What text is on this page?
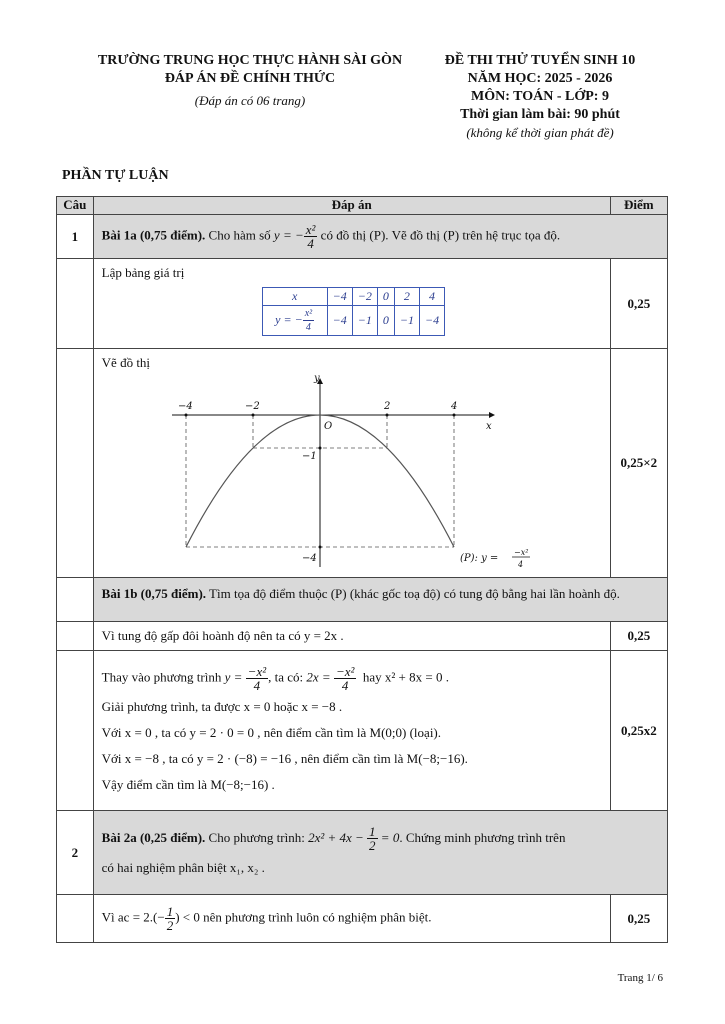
TRƯỜNG TRUNG HỌC THỰC HÀNH SÀI GÒN
ĐÁP ÁN ĐỀ CHÍNH THỨC
(Đáp án có 06 trang)
ĐỀ THI THỬ TUYỂN SINH 10
NĂM HỌC: 2025 - 2026
MÔN: TOÁN - LỚP: 9
Thời gian làm bài: 90 phút
(không kể thời gian phát đề)
PHẦN TỰ LUẬN
Câu	Đáp án	Điểm
1	Bài 1a (0,75 điểm). Cho hàm số y = − $\frac{\text{x²}}{4}$ có đồ thị (P). Vẽ đồ thị (P) trên hệ trục tọa độ.

Lập bảng giá trị
x	−4	−2	0	2	4
y = − $\frac{\text{x²}}{4}$	−4	−1	0	−1	−4
	0,25

Vẽ đồ thị
y
x
O
−4	−2	2	4
−1
−4	(P): y =
−x²
4
	0,25×2
	Bài 1b (0,75 điểm). Tìm tọa độ điểm thuộc (P) (khác gốc toạ độ) có tung độ bằng hai lần hoành độ.
	Vì tung độ gấp đôi hoành độ nên ta có y = 2x .	0,25

Thay vào phương trình $y = \frac{\text{−x²}}{4}$ , ta có: $2x = \frac{\text{−x²}}{4}$ hay x² + 8x = 0 .
Giải phương trình, ta được x = 0 hoặc x = −8 .
Với x = 0 , ta có y = 2 · 0 = 0 , nên điểm cần tìm là M(0;0) (loại).
Với x = −8 , ta có y = 2 · (−8) = −16 , nên điểm cần tìm là M(−8;−16).
Vậy điểm cần tìm là M(−8;−16) .
	0,25x2
2	Bài 2a (0,25 điểm). Cho phương trình: $2x^2 + 4x - \frac{1}{2} = 0$. Chứng minh phương trình trên
có hai nghiệm phân biệt x₁, x₂ .

	Vì ac = $2.(- \frac{1}{2}$ ) < 0 nên phương trình luôn có nghiệm phân biệt.	0,25
Trang 1/ 6
